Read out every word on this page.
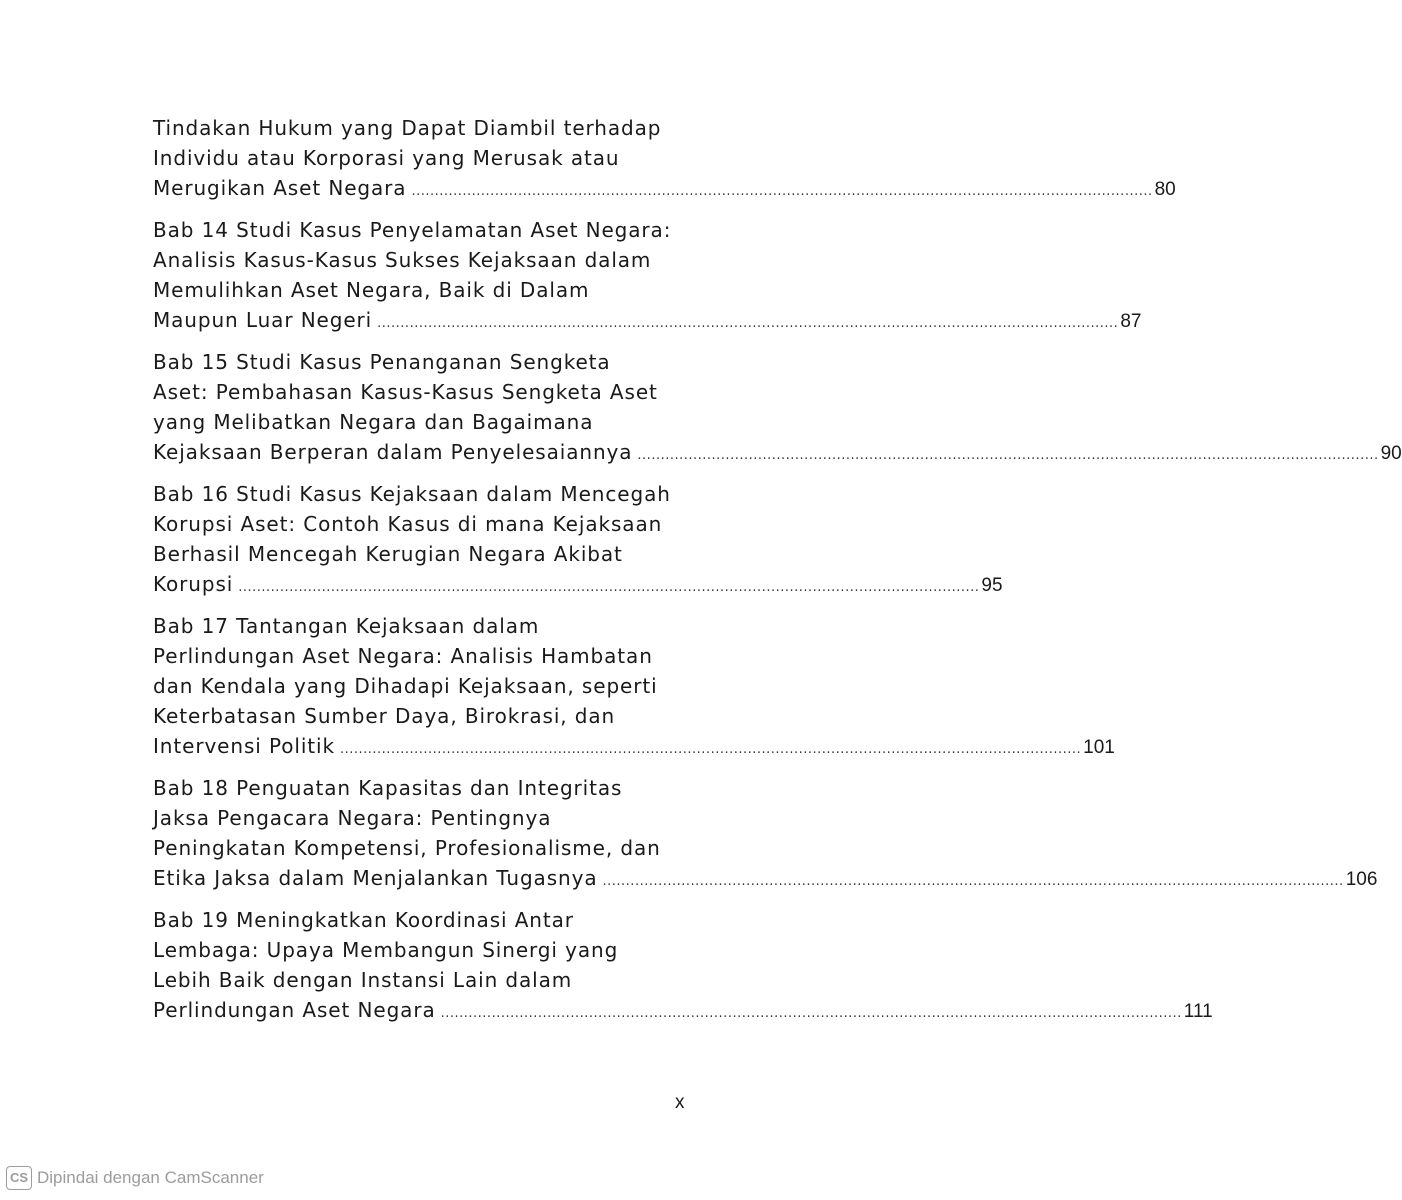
Tindakan Hukum yang Dapat Diambil terhadap
Individu atau Korporasi yang Merusak atau
Merugikan Aset Negara ................................................................................................................................................................ 80
Bab 14 Studi Kasus Penyelamatan Aset Negara:
Analisis Kasus-Kasus Sukses Kejaksaan dalam
Memulihkan Aset Negara, Baik di Dalam
Maupun Luar Negeri ................................................................................................................................................................ 87
Bab 15 Studi Kasus Penanganan Sengketa
Aset: Pembahasan Kasus-Kasus Sengketa Aset
yang Melibatkan Negara dan Bagaimana
Kejaksaan Berperan dalam Penyelesaiannya ................................................................................................................................................................ 90
Bab 16 Studi Kasus Kejaksaan dalam Mencegah
Korupsi Aset: Contoh Kasus di mana Kejaksaan
Berhasil Mencegah Kerugian Negara Akibat
Korupsi ................................................................................................................................................................ 95
Bab 17 Tantangan Kejaksaan dalam
Perlindungan Aset Negara: Analisis Hambatan
dan Kendala yang Dihadapi Kejaksaan, seperti
Keterbatasan Sumber Daya, Birokrasi, dan
Intervensi Politik ................................................................................................................................................................ 101
Bab 18 Penguatan Kapasitas dan Integritas
Jaksa Pengacara Negara: Pentingnya
Peningkatan Kompetensi, Profesionalisme, dan
Etika Jaksa dalam Menjalankan Tugasnya ................................................................................................................................................................ 106
Bab 19 Meningkatkan Koordinasi Antar
Lembaga: Upaya Membangun Sinergi yang
Lebih Baik dengan Instansi Lain dalam
Perlindungan Aset Negara ................................................................................................................................................................ 111
x
CS Dipindai dengan CamScanner
